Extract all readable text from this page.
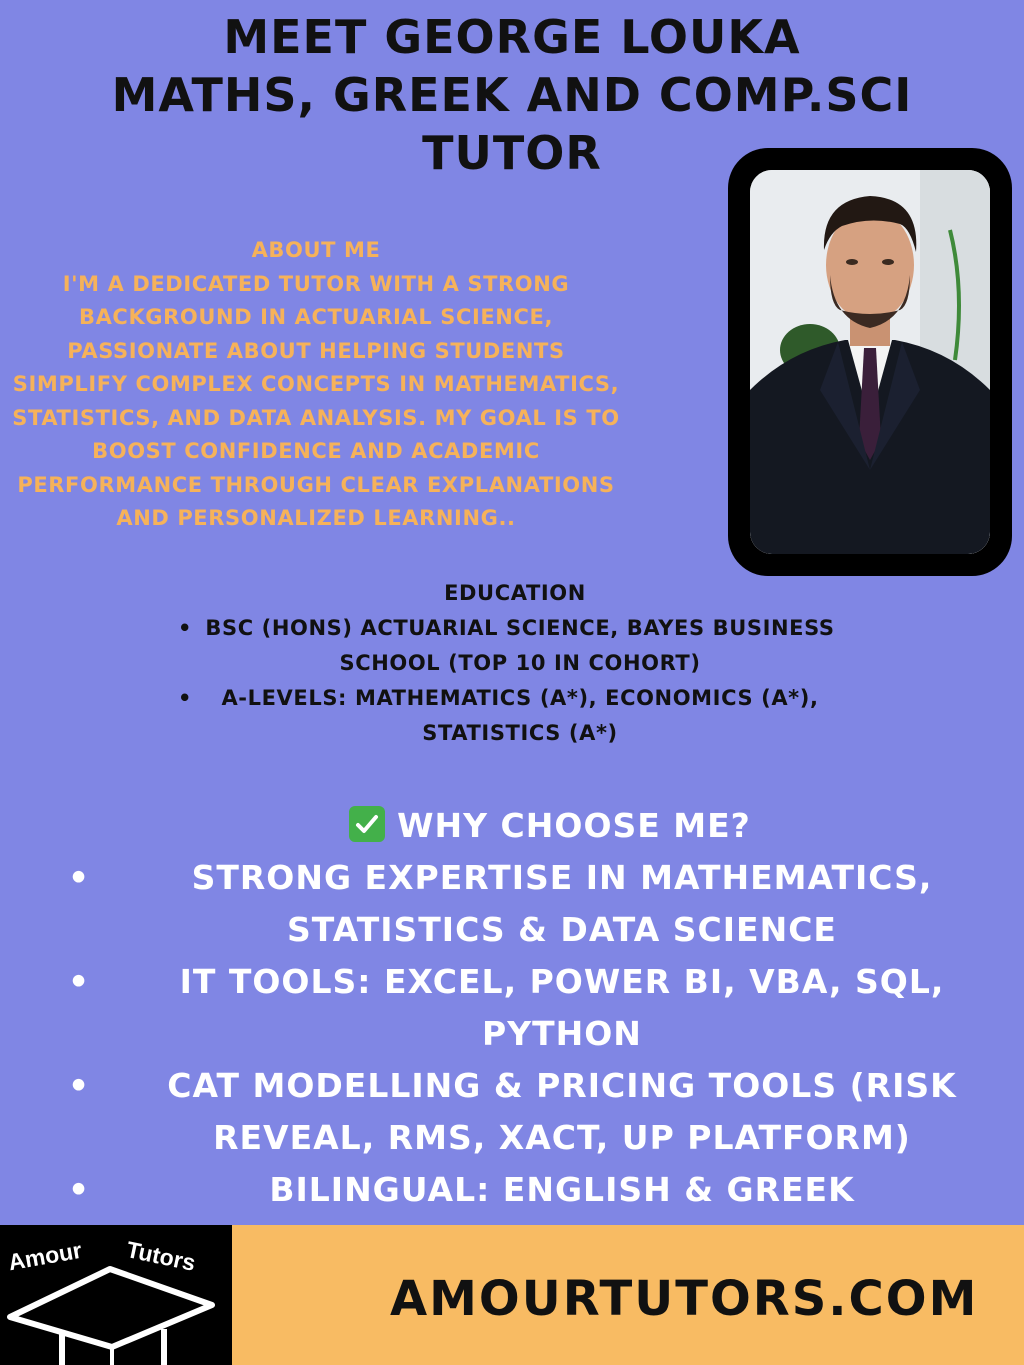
MEET GEORGE LOUKA
MATHS, GREEK AND COMP.SCI
TUTOR
ABOUT ME
I'M A DEDICATED TUTOR WITH A STRONG BACKGROUND IN ACTUARIAL SCIENCE, PASSIONATE ABOUT HELPING STUDENTS SIMPLIFY COMPLEX CONCEPTS IN MATHEMATICS, STATISTICS, AND DATA ANALYSIS. MY GOAL IS TO BOOST CONFIDENCE AND ACADEMIC PERFORMANCE THROUGH CLEAR EXPLANATIONS AND PERSONALIZED LEARNING..
EDUCATION
• BSC (HONS) ACTUARIAL SCIENCE, BAYES BUSINESS SCHOOL (TOP 10 IN COHORT)
• A-LEVELS: MATHEMATICS (A*), ECONOMICS (A*), STATISTICS (A*)
WHY CHOOSE ME?
•	STRONG EXPERTISE IN MATHEMATICS, STATISTICS & DATA SCIENCE
•	IT TOOLS: EXCEL, POWER BI, VBA, SQL, PYTHON
• CAT MODELLING & PRICING TOOLS (RISK REVEAL, RMS, XACT, UP PLATFORM)
•	BILINGUAL: ENGLISH & GREEK
Amour Tutors
AMOURTUTORS.COM
